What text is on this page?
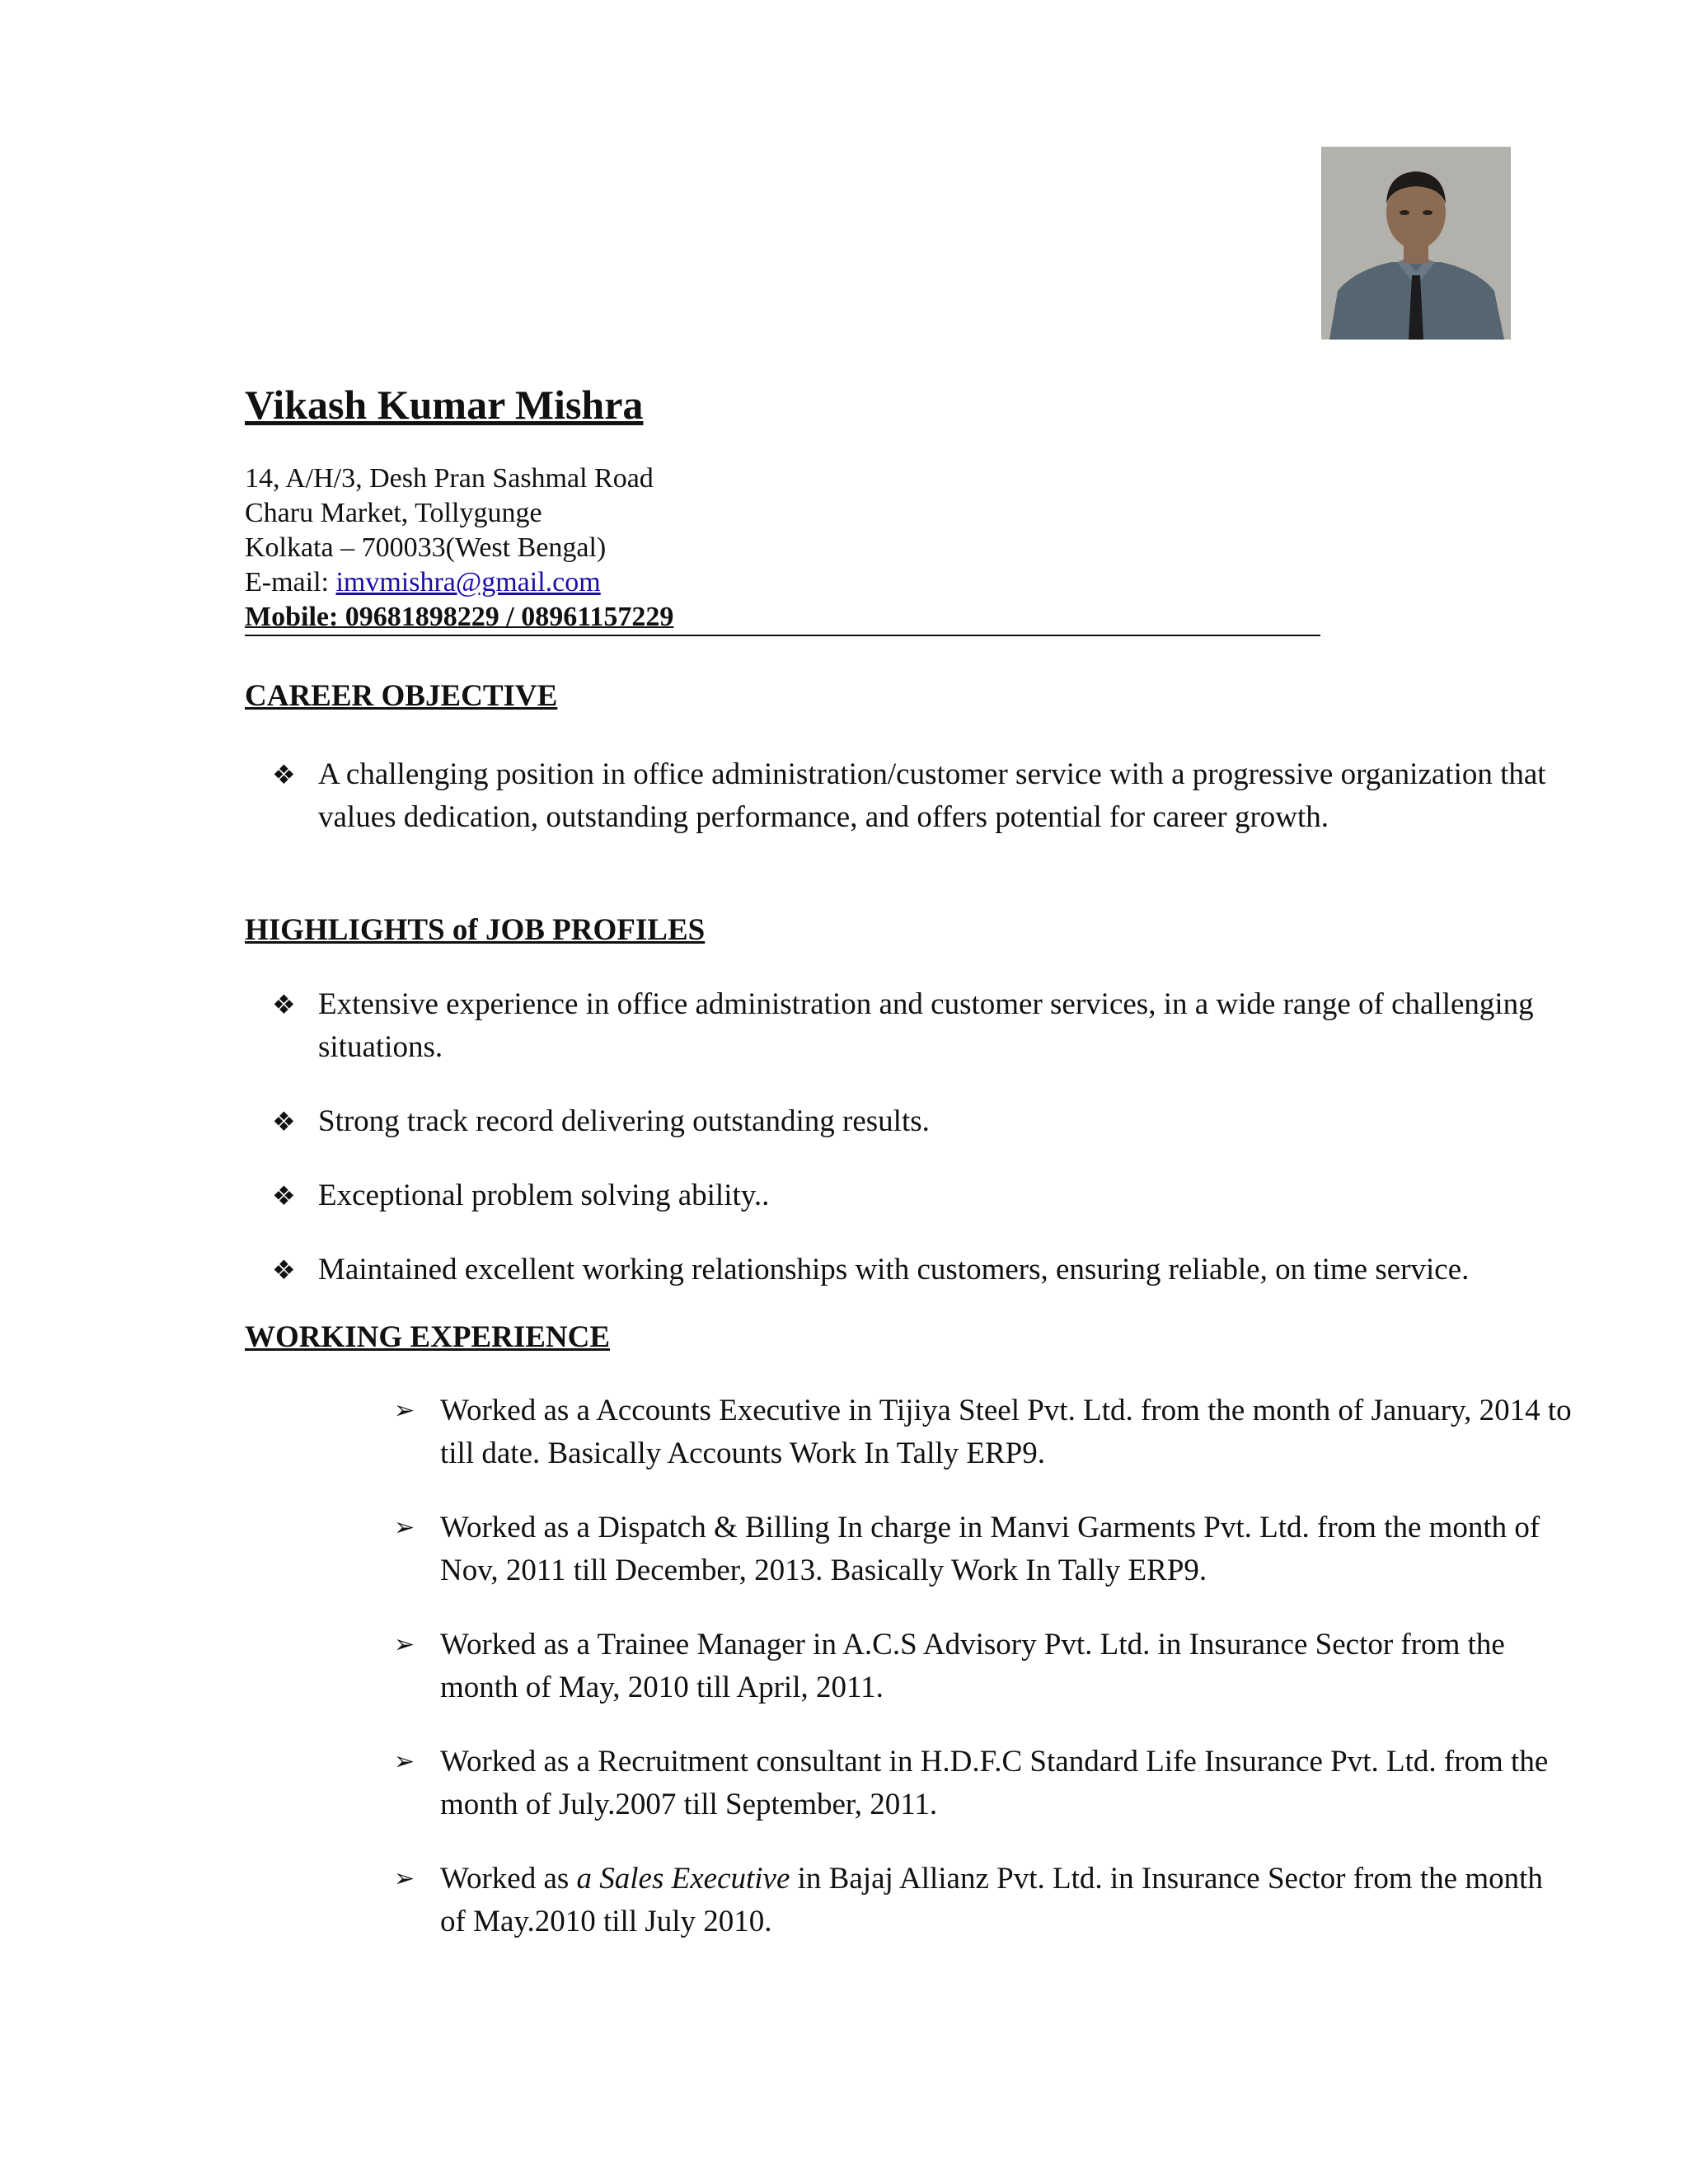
Vikash Kumar Mishra
14, A/H/3, Desh Pran Sashmal Road
Charu Market, Tollygunge
Kolkata – 700033(West Bengal)
E-mail: imvmishra@gmail.com
Mobile: 09681898229 / 08961157229
CAREER OBJECTIVE
❖ A challenging position in office administration/customer service with a progressive organization that values dedication, outstanding performance, and offers potential for career growth.
HIGHLIGHTS of JOB PROFILES
❖ Extensive experience in office administration and customer services, in a wide range of challenging situations.
❖ Strong track record delivering outstanding results.
❖ Exceptional problem solving ability..
❖ Maintained excellent working relationships with customers, ensuring reliable, on time service.
WORKING EXPERIENCE
➢ Worked as a Accounts Executive in Tijiya Steel Pvt. Ltd. from the month of January, 2014 to till date. Basically Accounts Work In Tally ERP9.
➢ Worked as a Dispatch & Billing In charge in Manvi Garments Pvt. Ltd. from the month of Nov, 2011 till December, 2013. Basically Work In Tally ERP9.
➢ Worked as a Trainee Manager in A.C.S Advisory Pvt. Ltd. in Insurance Sector from the month of May, 2010 till April, 2011.
➢ Worked as a Recruitment consultant in H.D.F.C Standard Life Insurance Pvt. Ltd. from the month of July.2007 till September, 2011.
➢ Worked as a Sales Executive in Bajaj Allianz Pvt. Ltd. in Insurance Sector from the month of May.2010 till July 2010.
